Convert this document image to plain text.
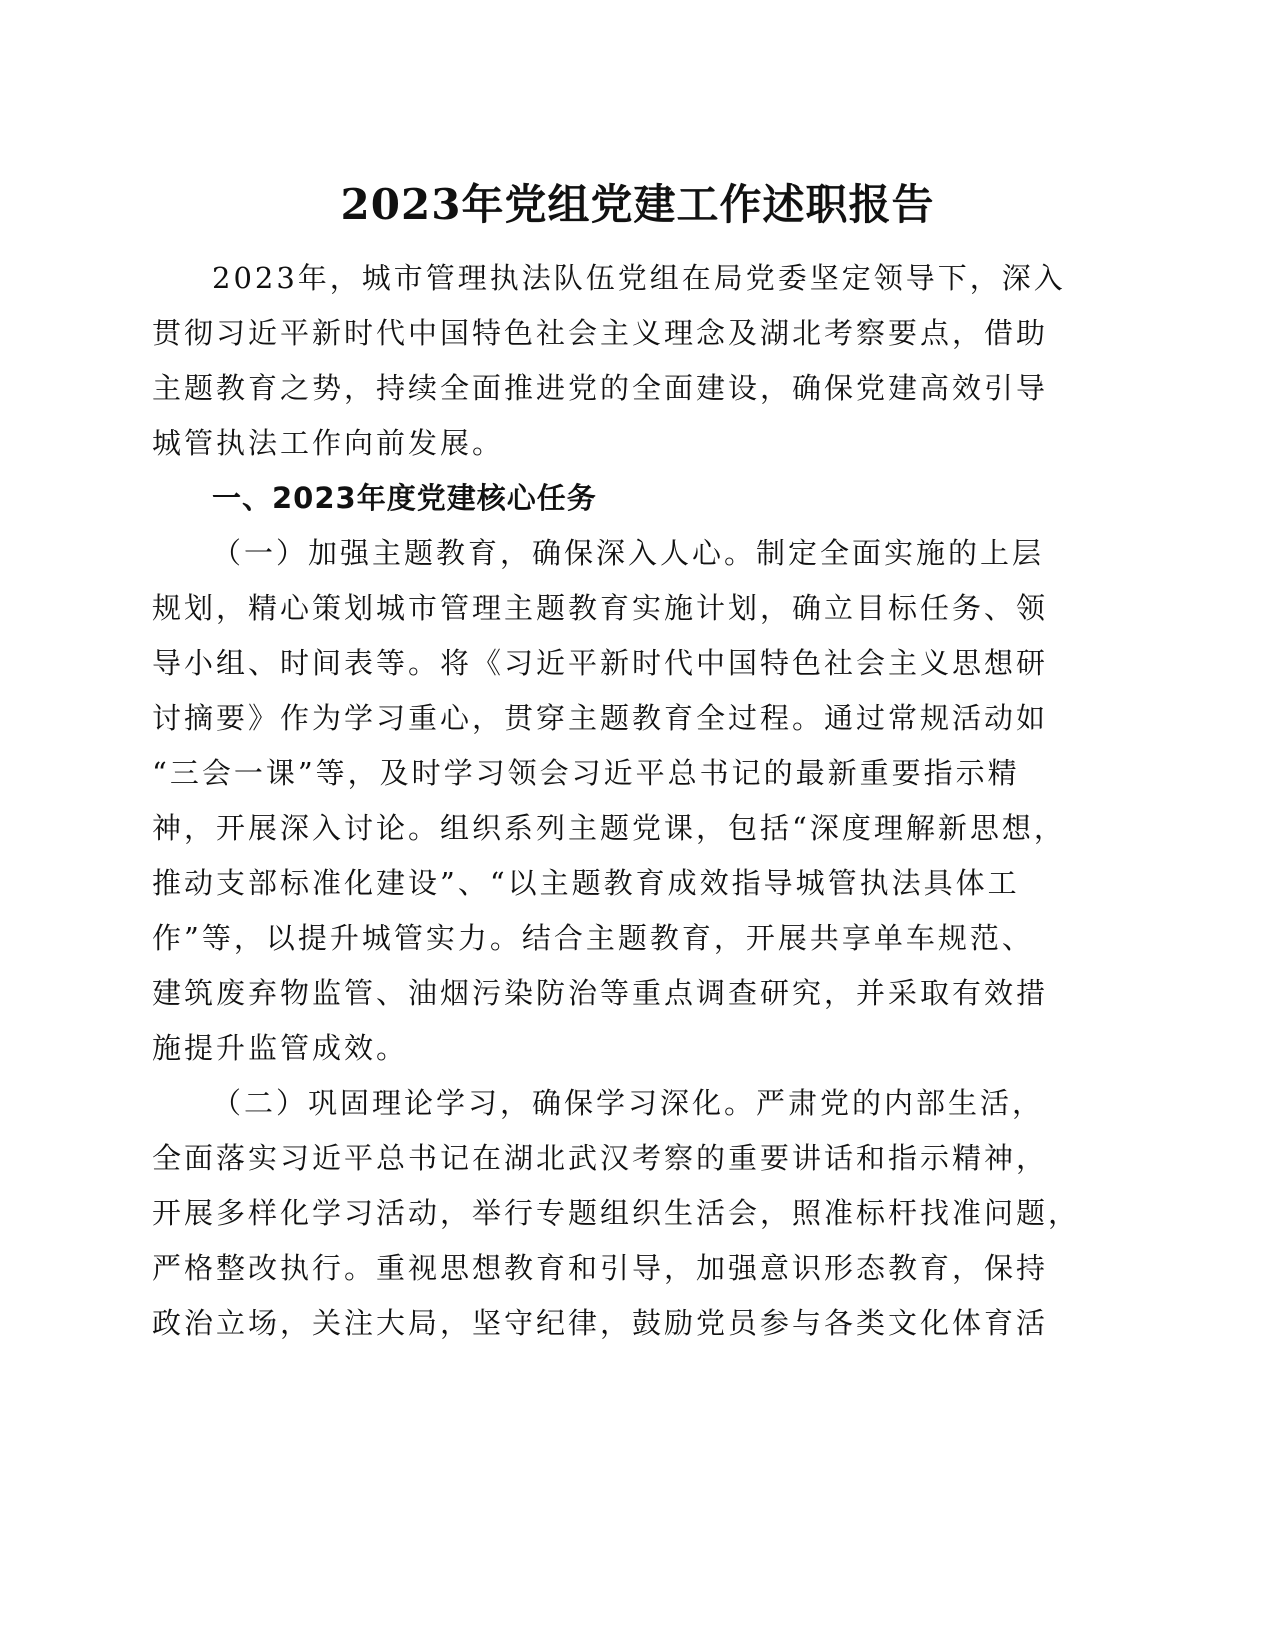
2023年党组党建工作述职报告
2023年，城市管理执法队伍党组在局党委坚定领导下，深入
贯彻习近平新时代中国特色社会主义理念及湖北考察要点，借助
主题教育之势，持续全面推进党的全面建设，确保党建高效引导
城管执法工作向前发展。
一、2023年度党建核心任务
（一）加强主题教育，确保深入人心。制定全面实施的上层
规划，精心策划城市管理主题教育实施计划，确立目标任务、领
导小组、时间表等。将《习近平新时代中国特色社会主义思想研
讨摘要》作为学习重心，贯穿主题教育全过程。通过常规活动如
“三会一课”等，及时学习领会习近平总书记的最新重要指示精
神，开展深入讨论。组织系列主题党课，包括“深度理解新思想，
推动支部标准化建设”、“以主题教育成效指导城管执法具体工
作”等，以提升城管实力。结合主题教育，开展共享单车规范、
建筑废弃物监管、油烟污染防治等重点调查研究，并采取有效措
施提升监管成效。
（二）巩固理论学习，确保学习深化。严肃党的内部生活，
全面落实习近平总书记在湖北武汉考察的重要讲话和指示精神，
开展多样化学习活动，举行专题组织生活会，照准标杆找准问题，
严格整改执行。重视思想教育和引导，加强意识形态教育，保持
政治立场，关注大局，坚守纪律，鼓励党员参与各类文化体育活
